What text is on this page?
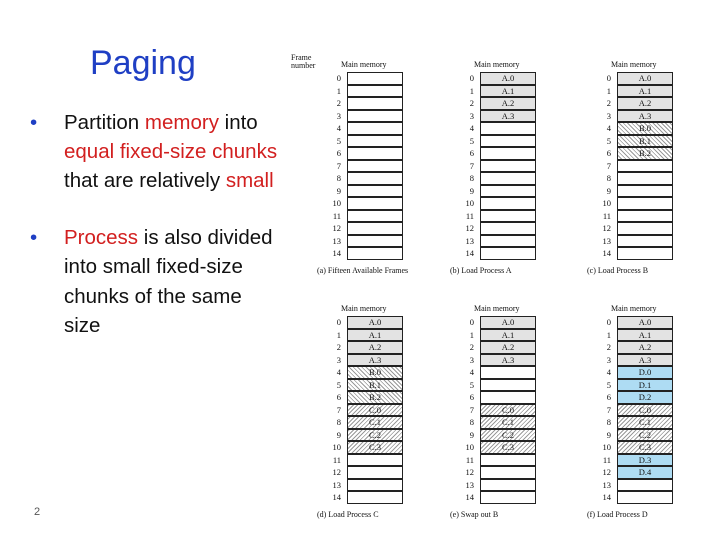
Paging
•	Partition memory into equal fixed-size chunks that are relatively small
•	Process is also divided into small fixed-size chunks of the same size
2
Frame number	Main memory
0
1
2
3
4
5
6
7
8
9
10
11
12
13
14
(a) Fifteen Available Frames
Main memory
0	A.0
1	A.1
2	A.2
3	A.3
4
5
6
7
8
9
10
11
12
13
14
(b) Load Process A
Main memory
0	A.0
1	A.1
2	A.2
3	A.3
4	B.0
5	B.1
6	B.2
7
8
9
10
11
12
13
14
(c) Load Process B
Main memory
0	A.0
1	A.1
2	A.2
3	A.3
4	B.0
5	B.1
6	B.2
7	C.0
8	C.1
9	C.2
10	C.3
11
12
13
14
(d) Load Process C
Main memory
0	A.0
1	A.1
2	A.2
3	A.3
4
5
6
7	C.0
8	C.1
9	C.2
10	C.3
11
12
13
14
(e) Swap out B
Main memory
0	A.0
1	A.1
2	A.2
3	A.3
4	D.0
5	D.1
6	D.2
7	C.0
8	C.1
9	C.2
10	C.3
11	D.3
12	D.4
13
14
(f) Load Process D
